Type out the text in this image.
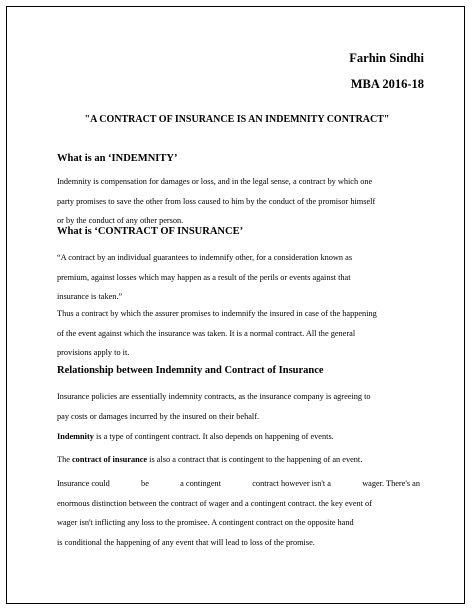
Farhin Sindhi

MBA 2016-18

"A CONTRACT OF INSURANCE IS AN INDEMNITY CONTRACT"

What is an ‘INDEMNITY’

Indemnity is compensation for damages or loss, and in the legal sense, a contract by which one
party promises to save the other from loss caused to him by the conduct of the promisor himself
or by the conduct of any other person.

What is ‘CONTRACT OF INSURANCE’

“A contract by an individual guarantees to indemnify other, for a consideration known as
premium, against losses which may happen as a result of the perils or events against that
insurance is taken.”
Thus a contract by which the assurer promises to indemnify the insured in case of the happening
of the event against which the insurance was taken. It is a normal contract. All the general
provisions apply to it.

Relationship between Indemnity and Contract of Insurance

Insurance policies are essentially indemnity contracts, as the insurance company is agreeing to
pay costs or damages incurred by the insured on their behalf.
Indemnity is a type of contingent contract. It also depends on happening of events.
The contract of insurance is also a contract that is contingent to the happening of an event.
Insurance could	be	a contingent	contract however isn't a	wager. There's an
enormous distinction between the contract of wager and a contingent contract. the key event of
wager isn't inflicting any loss to the promisee. A contingent contract on the opposite hand
is conditional the happening of any event that will lead to loss of the promise.
